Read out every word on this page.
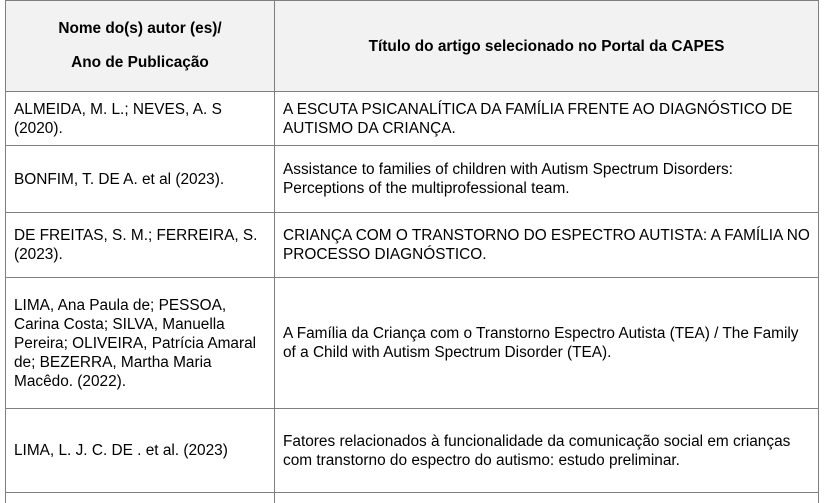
Nome do(s) autor (es)/
Ano de Publicação	Título do artigo selecionado no Portal da CAPES
ALMEIDA, M. L.; NEVES, A. S (2020).	A ESCUTA PSICANALÍTICA DA FAMÍLIA FRENTE AO DIAGNÓSTICO DE AUTISMO DA CRIANÇA.
BONFIM, T. DE A. et al (2023).	Assistance to families of children with Autism Spectrum Disorders: Perceptions of the multiprofessional team.
DE FREITAS, S. M.; FERREIRA, S. (2023).	CRIANÇA COM O TRANSTORNO DO ESPECTRO AUTISTA: A FAMÍLIA NO PROCESSO DIAGNÓSTICO.
LIMA, Ana Paula de; PESSOA, Carina Costa; SILVA, Manuella Pereira; OLIVEIRA, Patrícia Amaral de; BEZERRA, Martha Maria Macêdo. (2022).	A Família da Criança com o Transtorno Espectro Autista (TEA) / The Family of a Child with Autism Spectrum Disorder (TEA).
LIMA, L. J. C. DE . et al. (2023)	Fatores relacionados à funcionalidade da comunicação social em crianças com transtorno do espectro do autismo: estudo preliminar.
